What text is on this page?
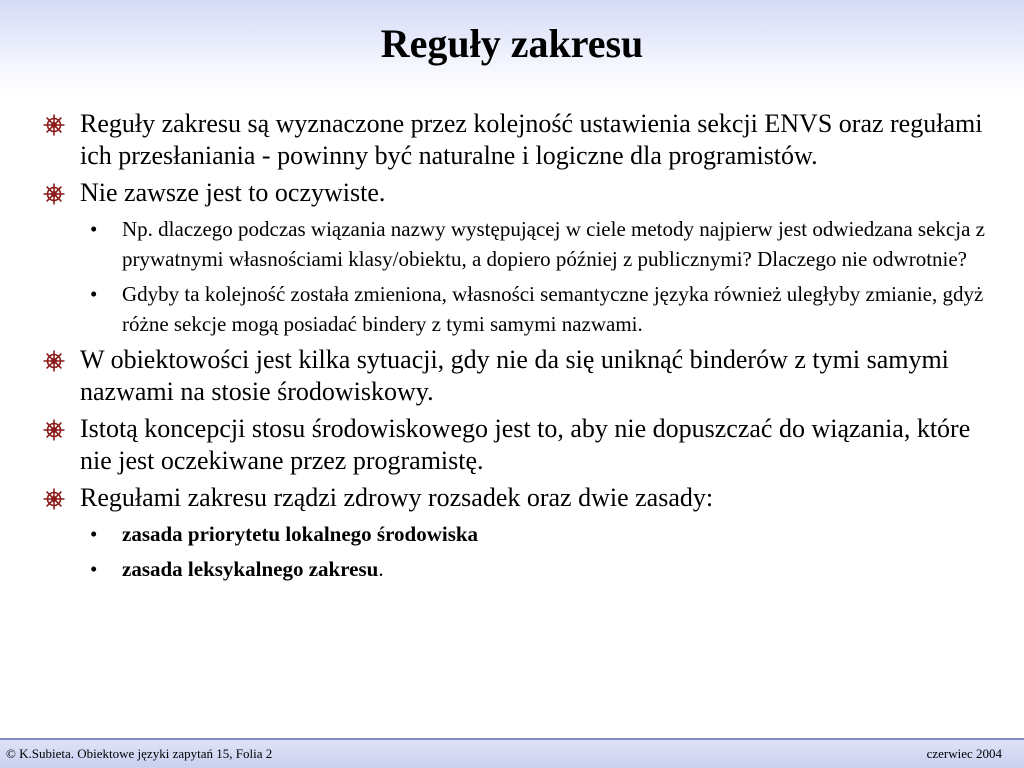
Reguły zakresu
Reguły zakresu są wyznaczone przez kolejność ustawienia sekcji ENVS oraz regułami ich przesłaniania - powinny być naturalne i logiczne dla programistów.
Nie zawsze jest to oczywiste.
• Np. dlaczego podczas wiązania nazwy występującej w ciele metody najpierw jest odwiedzana sekcja z prywatnymi własnościami klasy/obiektu, a dopiero później z publicznymi? Dlaczego nie odwrotnie?
• Gdyby ta kolejność została zmieniona, własności semantyczne języka również uległyby zmianie, gdyż różne sekcje mogą posiadać bindery z tymi samymi nazwami.
W obiektowości jest kilka sytuacji, gdy nie da się uniknąć binderów z tymi samymi nazwami na stosie środowiskowy.
Istotą koncepcji stosu środowiskowego jest to, aby nie dopuszczać do wiązania, które nie jest oczekiwane przez programistę.
Regułami zakresu rządzi zdrowy rozsadek oraz dwie zasady:
• zasada priorytetu lokalnego środowiska
• zasada leksykalnego zakresu.
© K.Subieta. Obiektowe języki zapytań 15, Folia 2	czerwiec 2004
